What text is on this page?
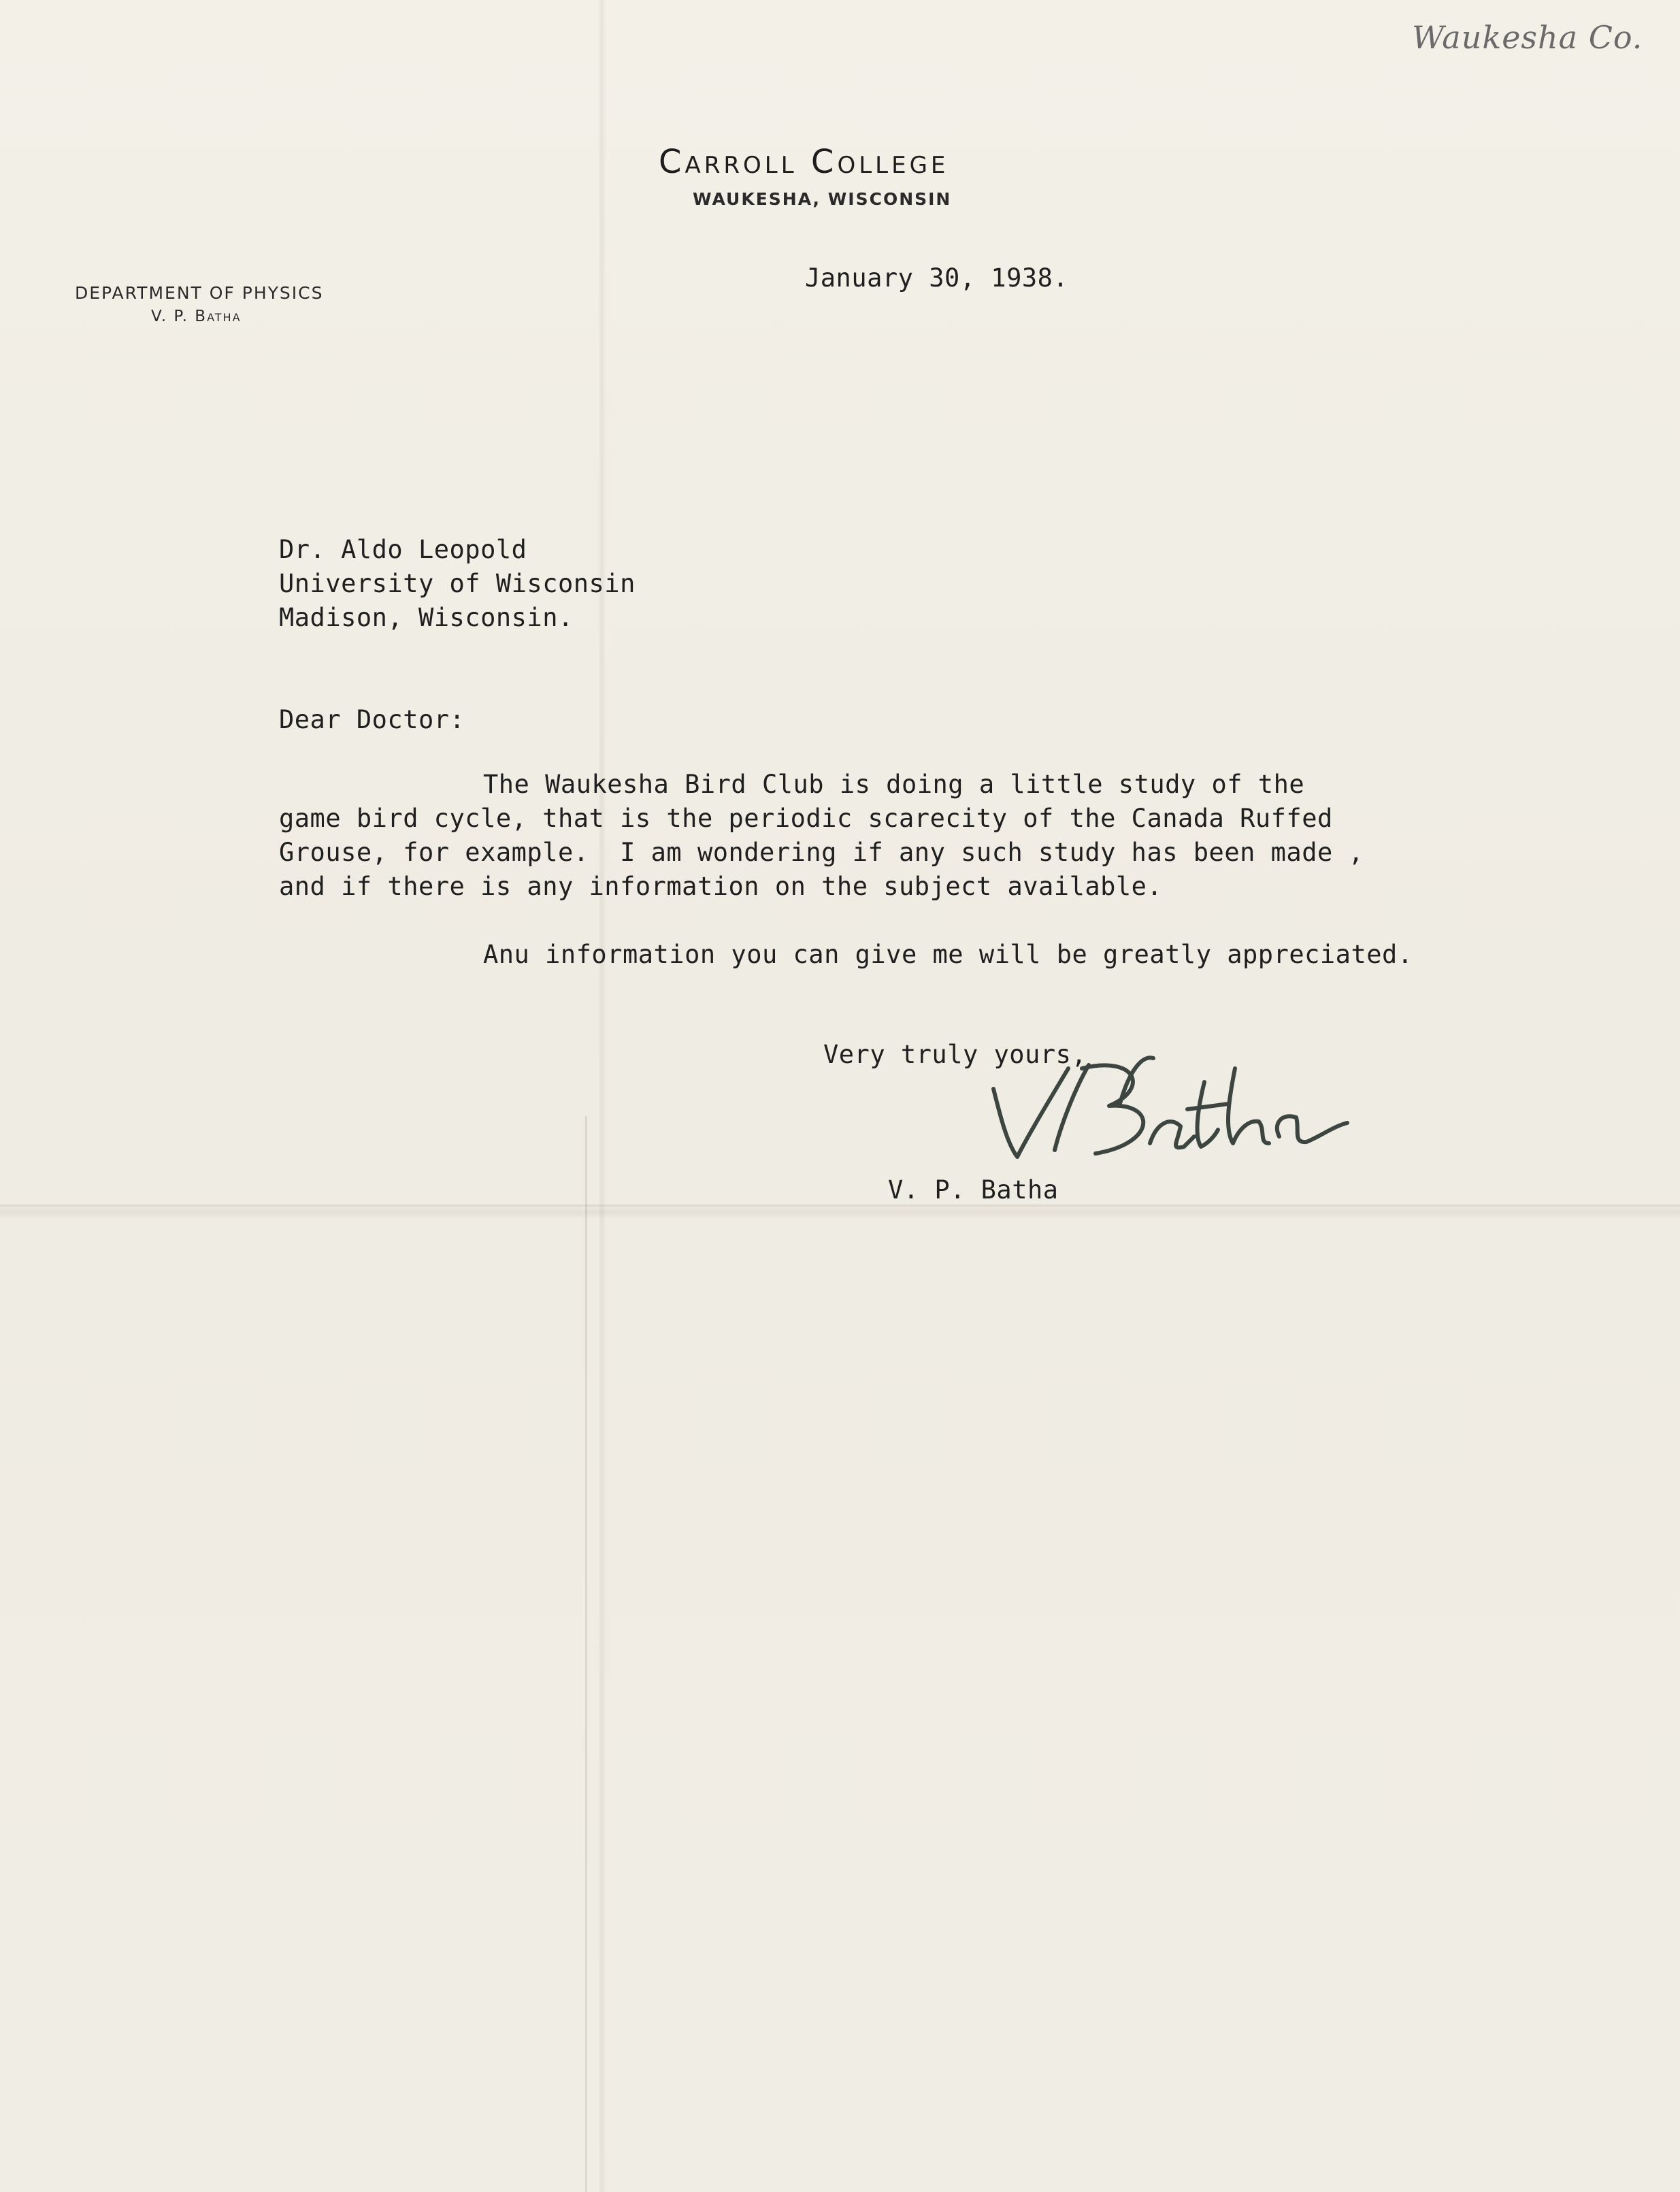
Waukesha Co.
Carroll College
WAUKESHA, WISCONSIN
DEPARTMENT OF PHYSICS
V. P. Batha
January 30, 1938.
Dr. Aldo Leopold
University of Wisconsin
Madison, Wisconsin.
Dear Doctor:
The Waukesha Bird Club is doing a little study of the
game bird cycle, that is the periodic scarecity of the Canada Ruffed
Grouse, for example.  I am wondering if any such study has been made ,
and if there is any information on the subject available.
Anu information you can give me will be greatly appreciated.
Very truly yours,
V. P. Batha
